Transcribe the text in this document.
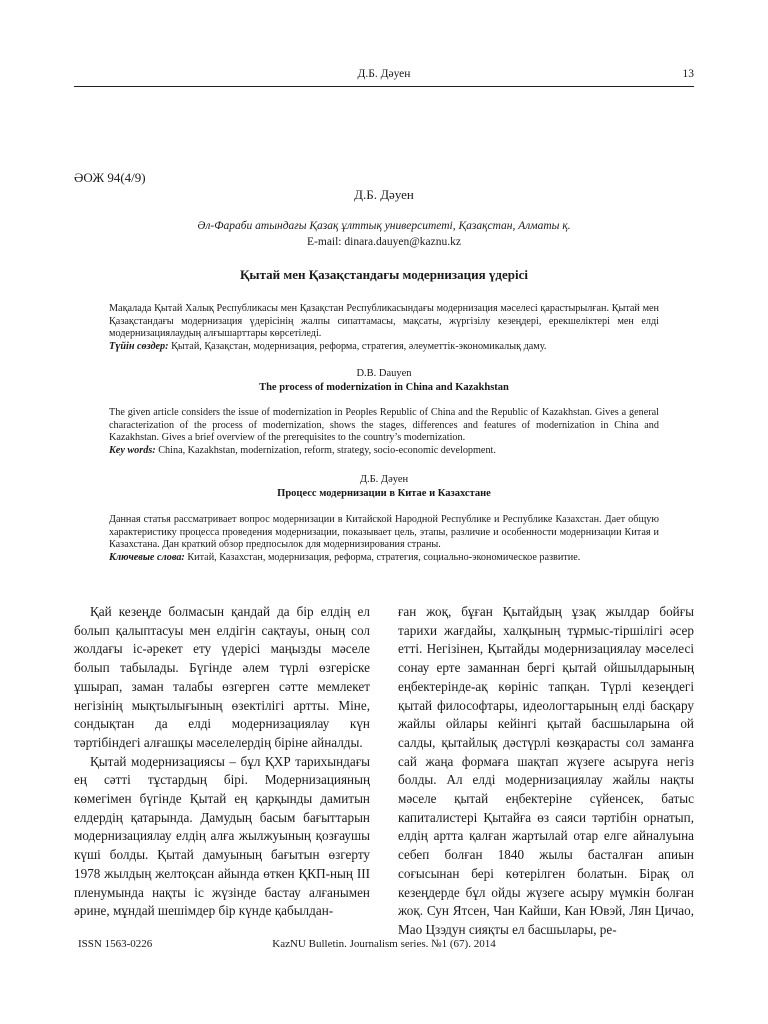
Д.Б. Дәуен	13
ӘОЖ 94(4/9)
Д.Б. Дәуен
Әл-Фараби атындағы Қазақ ұлттық университеті, Қазақстан, Алматы қ.
E-mail: dinara.dauyen@kaznu.kz
Қытай мен Қазақстандағы модернизация үдерісі
Мақалада Қытай Халық Республикасы мен Қазақстан Республикасындағы модернизация мәселесі қарастырылған. Қытай мен Қазақстандағы модернизация үдерісінің жалпы сипаттамасы, мақсаты, жүргізілу кезеңдері, ерекшеліктері мен елді модернизациялаудың алғышарттары көрсетіледі.
Түйін сөздер: Қытай, Қазақстан, модернизация, реформа, стратегия, әлеуметтік-экономикалық даму.
D.B. Dauyen
The process of modernization in China and Kazakhstan
The given article considers the issue of modernization in Peoples Republic of China and the Republic of Kazakhstan. Gives a general characterization of the process of modernization, shows the stages, differences and features of modernization in China and Kazakhstan. Gives a brief overview of the prerequisites to the country’s modernization.
Key words: China, Kazakhstan, modernization, reform, strategy, socio-economic development.
Д.Б. Дәуен
Процесс модернизации в Китае и Казахстане
Данная статья рассматривает вопрос модернизации в Китайской Народной Республике и Республике Казахстан. Дает общую характеристику процесса проведения модернизации, показывает цель, этапы, различие и особенности модернизации Китая и Казахстана. Дан краткий обзор предпосылок для модернизирования страны.
Ключевые слова: Китай, Казахстан, модернизация, реформа, стратегия, социально-экономическое развитие.

Қай кезеңде болмасын қандай да бір елдің ел болып қалыптасуы мен елдігін сақтауы, оның сол жолдағы іс-әрекет ету үдерісі маңызды мәселе болып табылады. Бүгінде әлем түрлі өзгеріске ұшырап, заман талабы өзгерген сәтте мемлекет негізінің мықтылығының өзектілігі артты. Міне, сондықтан да елді модернизациялау күн тәртібіндегі алғашқы мәселелердің біріне айналды.

Қытай модернизациясы – бұл ҚХР тарихындағы ең сәтті тұстардың бірі. Модернизацияның көмегімен бүгінде Қытай ең қарқынды дамитын елдердің қатарында. Дамудың басым бағыттарын модернизациялау елдің алға жылжуының қозғаушы күші болды. Қытай дамуының бағытын өзгерту 1978 жылдың желтоқсан айында өткен ҚКП-ның ІІІ пленумында нақты іс жүзінде бастау алғанымен әрине, мұндай шешімдер бір күнде қабылдан-

ған жоқ, бұған Қытайдың ұзақ жылдар бойғы тарихи жағдайы, халқының тұрмыс-тіршілігі әсер етті. Негізінен, Қытайды модернизациялау мәселесі сонау ерте заманнан бергі қытай ойшылдарының еңбектерінде-ақ көрініс тапқан. Түрлі кезеңдегі қытай философтары, идеологтарының елді басқару жайлы ойлары кейінгі қытай басшыларына ой салды, қытайлық дәстүрлі көзқарасты сол заманға сай жаңа формаға шақтап жүзеге асыруға негіз болды. Ал елді модернизациялау жайлы нақты мәселе қытай еңбектеріне сүйенсек, батыс капиталистері Қытайға өз саяси тәртібін орнатып, елдің артта қалған жартылай отар елге айналуына себеп болған 1840 жылы басталған апиын соғысынан бері көтерілген болатын. Бірақ ол кезеңдерде бұл ойды жүзеге асыру мүмкін болған жоқ. Сун Ятсен, Чан Кайши, Кан Ювэй, Лян Цичао, Мао Цзэдун сияқты ел басшылары, ре-

ISSN 1563-0226	KazNU Bulletin. Journalism series. №1 (67). 2014
